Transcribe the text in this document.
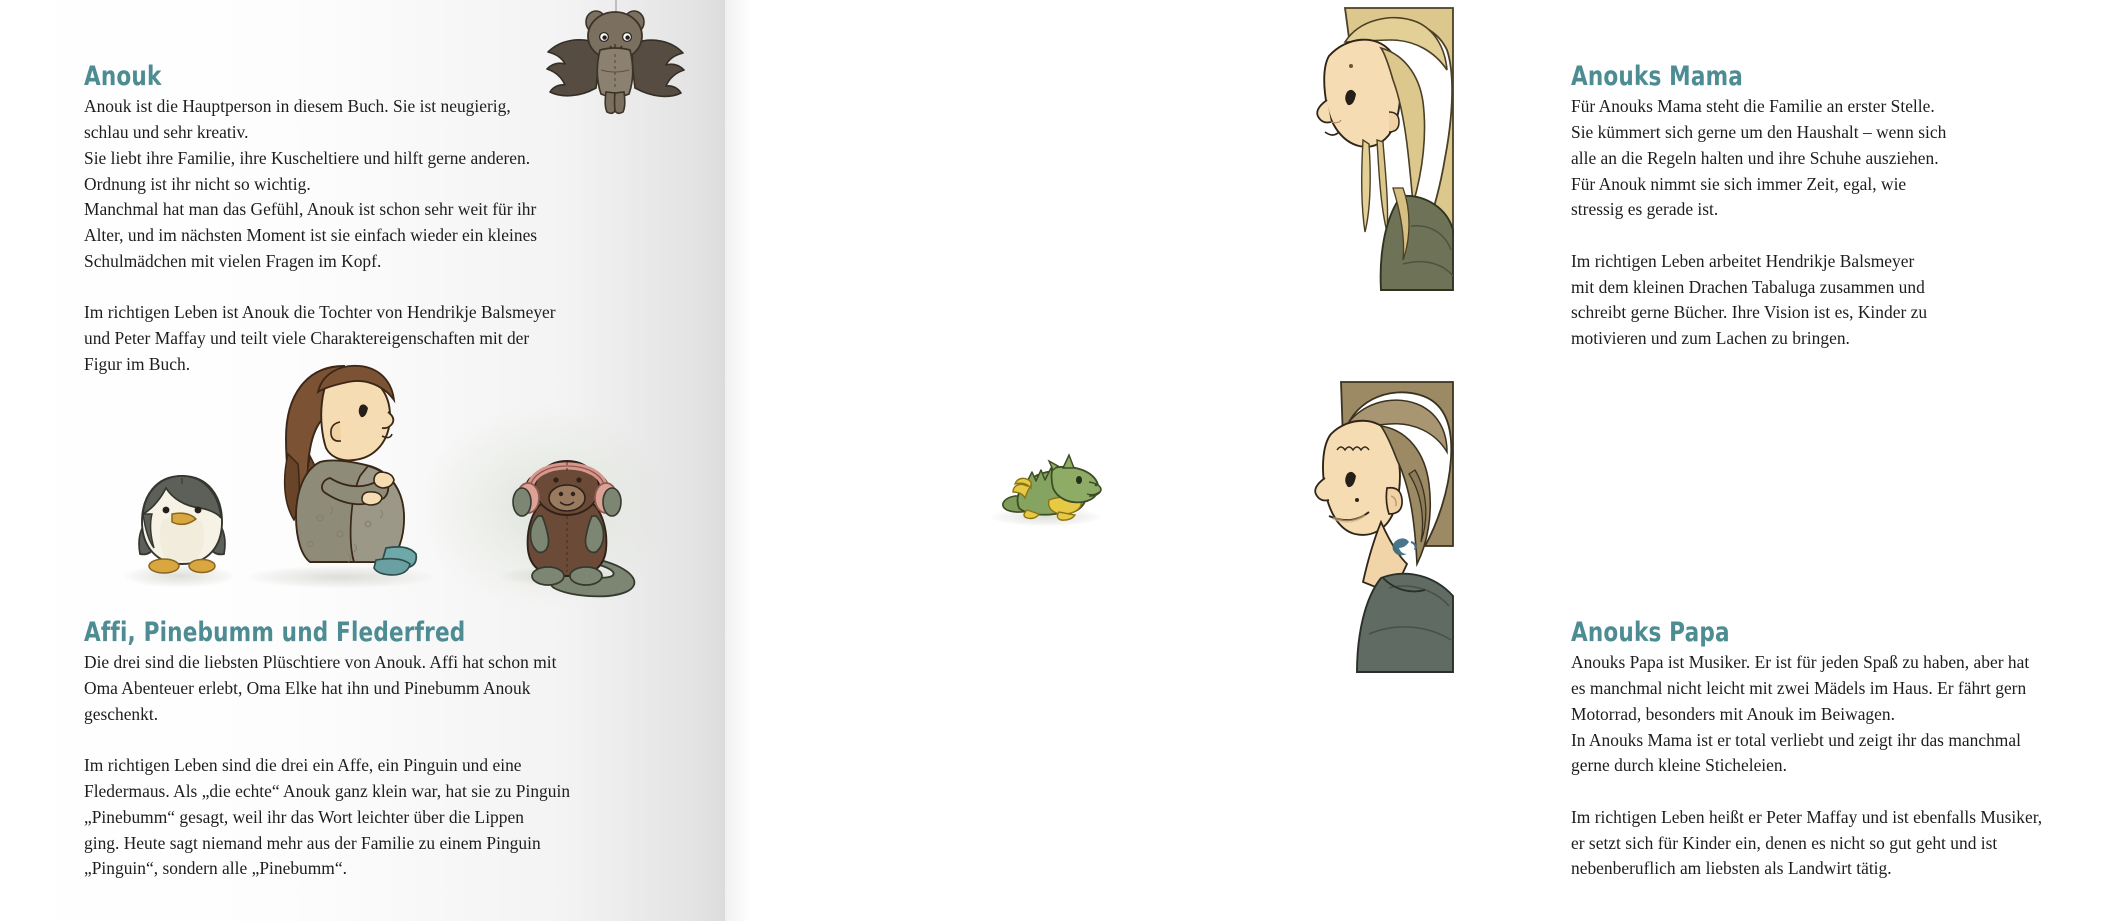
Anouk

Anouk ist die Hauptperson in diesem Buch. Sie ist neugierig,
schlau und sehr kreativ.
Sie liebt ihre Familie, ihre Kuscheltiere und hilft gerne anderen.
Ordnung ist ihr nicht so wichtig.
Manchmal hat man das Gefühl, Anouk ist schon sehr weit für ihr
Alter, und im nächsten Moment ist sie einfach wieder ein kleines
Schulmädchen mit vielen Fragen im Kopf.

Im richtigen Leben ist Anouk die Tochter von Hendrikje Balsmeyer
und Peter Maffay und teilt viele Charaktereigenschaften mit der
Figur im Buch.

Affi, Pinebumm und Flederfred

Die drei sind die liebsten Plüschtiere von Anouk. Affi hat schon mit
Oma Abenteuer erlebt, Oma Elke hat ihn und Pinebumm Anouk
geschenkt.

Im richtigen Leben sind die drei ein Affe, ein Pinguin und eine
Fledermaus. Als „die echte“ Anouk ganz klein war, hat sie zu Pinguin
„Pinebumm“ gesagt, weil ihr das Wort leichter über die Lippen
ging. Heute sagt niemand mehr aus der Familie zu einem Pinguin
„Pinguin“, sondern alle „Pinebumm“.

Anouks Mama

Für Anouks Mama steht die Familie an erster Stelle.
Sie kümmert sich gerne um den Haushalt – wenn sich
alle an die Regeln halten und ihre Schuhe ausziehen.
Für Anouk nimmt sie sich immer Zeit, egal, wie
stressig es gerade ist.

Im richtigen Leben arbeitet Hendrikje Balsmeyer
mit dem kleinen Drachen Tabaluga zusammen und
schreibt gerne Bücher. Ihre Vision ist es, Kinder zu
motivieren und zum Lachen zu bringen.

Anouks Papa

Anouks Papa ist Musiker. Er ist für jeden Spaß zu haben, aber hat
es manchmal nicht leicht mit zwei Mädels im Haus. Er fährt gern
Motorrad, besonders mit Anouk im Beiwagen.
In Anouks Mama ist er total verliebt und zeigt ihr das manchmal
gerne durch kleine Sticheleien.

Im richtigen Leben heißt er Peter Maffay und ist ebenfalls Musiker,
er setzt sich für Kinder ein, denen es nicht so gut geht und ist
nebenberuflich am liebsten als Landwirt tätig.
